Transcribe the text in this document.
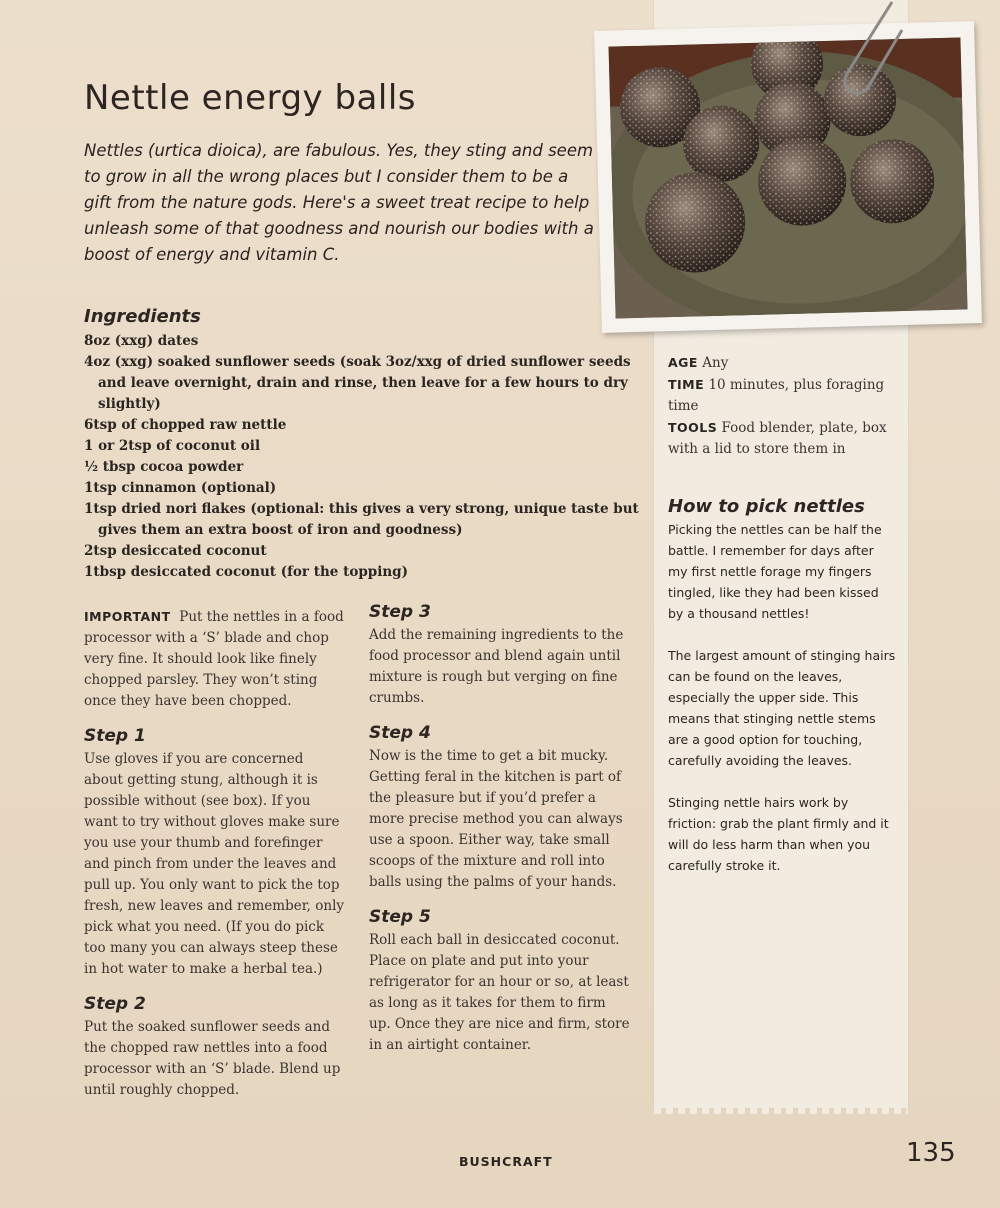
Nettle energy balls

Nettles (urtica dioica), are fabulous. Yes, they sting and seem to grow in all the wrong places but I consider them to be a gift from the nature gods. Here's a sweet treat recipe to help unleash some of that goodness and nourish our bodies with a boost of energy and vitamin C.

Ingredients
8oz (xxg) dates
4oz (xxg) soaked sunflower seeds (soak 3oz/xxg of dried sunflower seeds and leave overnight, drain and rinse, then leave for a few hours to dry slightly)
6tsp of chopped raw nettle
1 or 2tsp of coconut oil
½ tbsp cocoa powder
1tsp cinnamon (optional)
1tsp dried nori flakes (optional: this gives a very strong, unique taste but gives them an extra boost of iron and goodness)
2tsp desiccated coconut
1tbsp desiccated coconut (for the topping)

IMPORTANT Put the nettles in a food processor with a ‘S’ blade and chop very fine. It should look like finely chopped parsley. They won’t sting once they have been chopped.

Step 1

Use gloves if you are concerned about getting stung, although it is possible without (see box). If you want to try without gloves make sure you use your thumb and forefinger and pinch from under the leaves and pull up. You only want to pick the top fresh, new leaves and remember, only pick what you need. (If you do pick too many you can always steep these in hot water to make a herbal tea.)

Step 2

Put the soaked sunflower seeds and the chopped raw nettles into a food processor with an ‘S’ blade. Blend up until roughly chopped.

Step 3

Add the remaining ingredients to the food processor and blend again until mixture is rough but verging on fine crumbs.

Step 4

Now is the time to get a bit mucky. Getting feral in the kitchen is part of the pleasure but if you’d prefer a more precise method you can always use a spoon. Either way, take small scoops of the mixture and roll into balls using the palms of your hands.

Step 5

Roll each ball in desiccated coconut. Place on plate and put into your refrigerator for an hour or so, at least as long as it takes for them to firm up. Once they are nice and firm, store in an airtight container.

AGE Any
TIME 10 minutes, plus foraging time
TOOLS Food blender, plate, box with a lid to store them in
How to pick nettles

Picking the nettles can be half the battle. I remember for days after my first nettle forage my fingers tingled, like they had been kissed by a thousand nettles!

The largest amount of stinging hairs can be found on the leaves, especially the upper side. This means that stinging nettle stems are a good option for touching, carefully avoiding the leaves.

Stinging nettle hairs work by friction: grab the plant firmly and it will do less harm than when you carefully stroke it.

BUSHCRAFT	135
